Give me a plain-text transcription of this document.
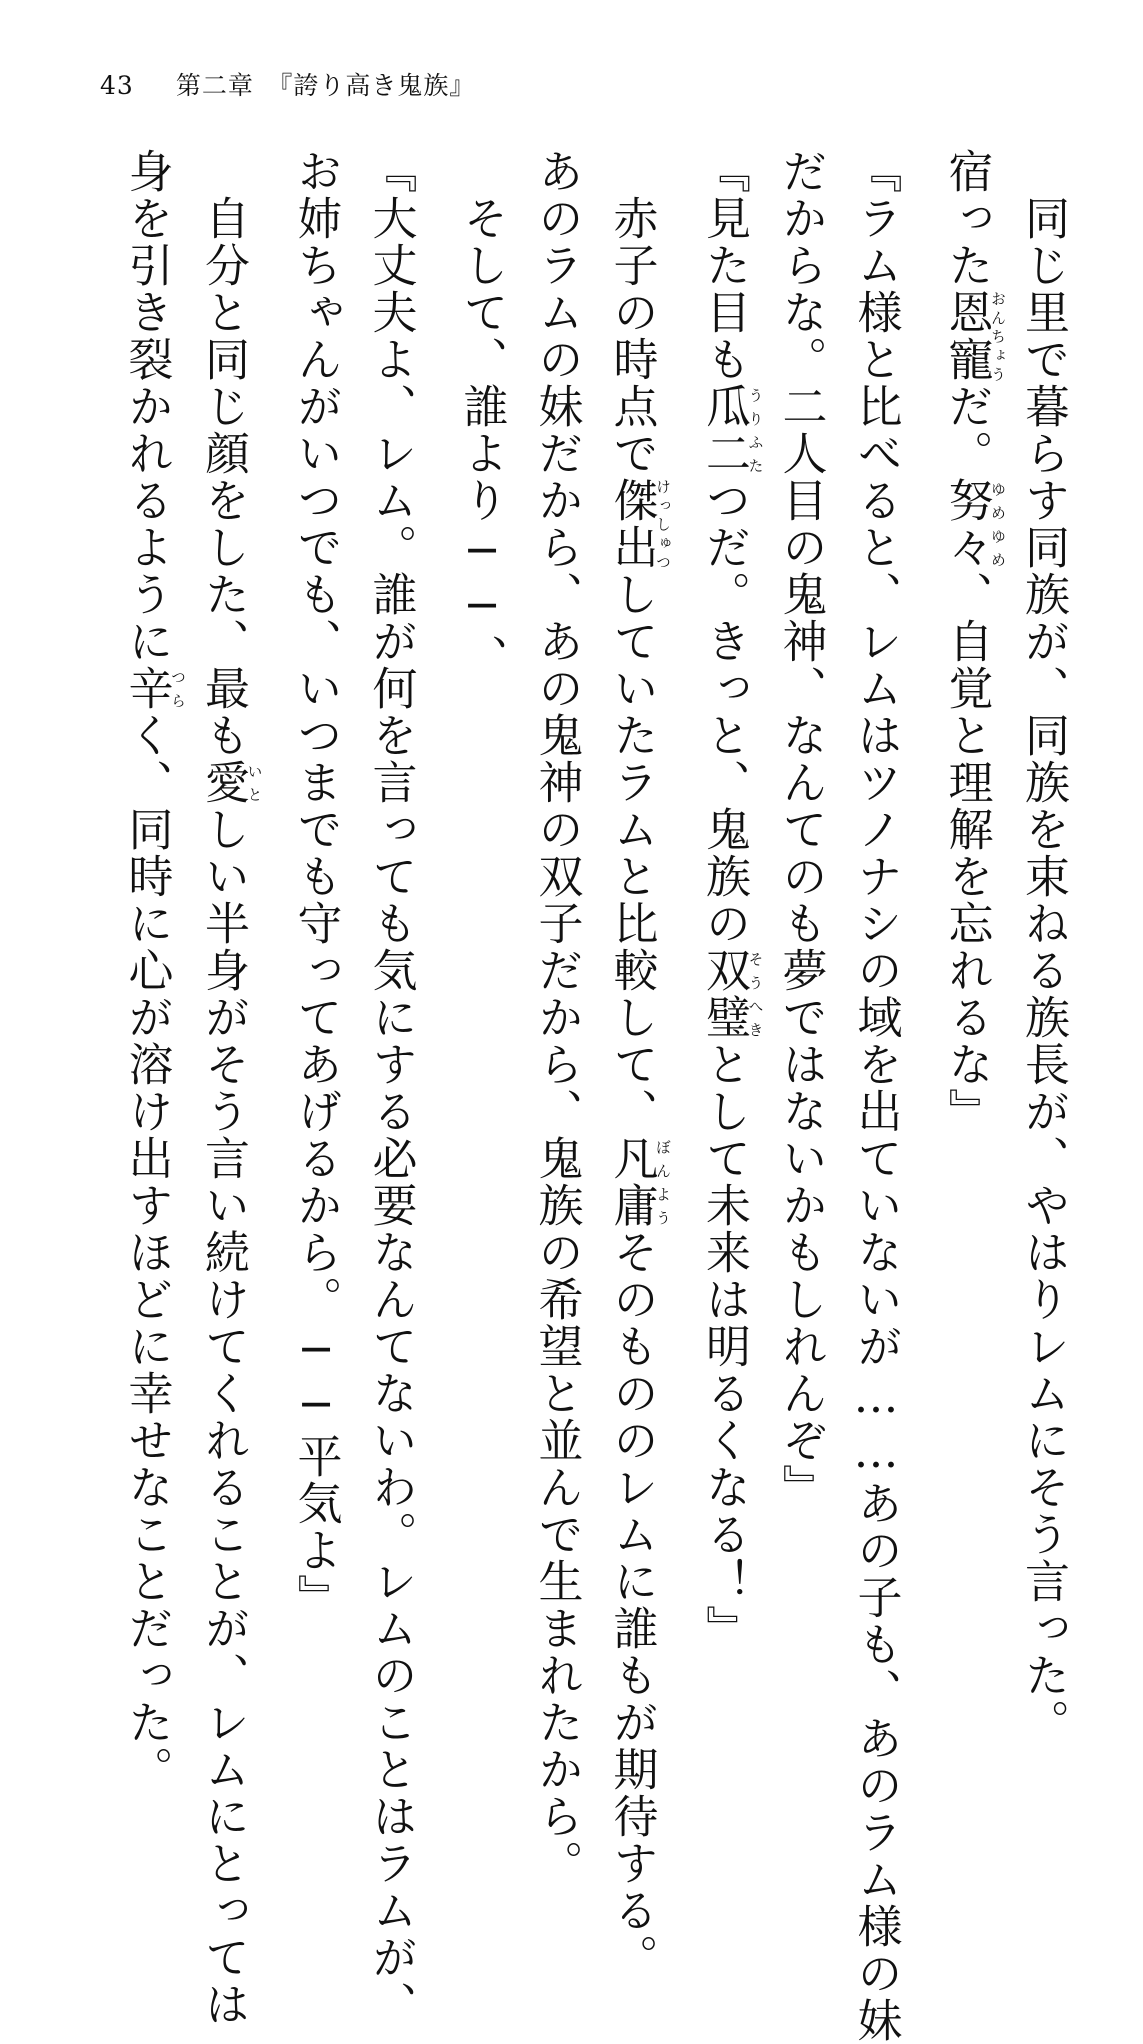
43 第二章　『誇り高き鬼族』
　同じ里で暮らす同族が、同族を束ねる族長が、やはりレムにそう言った。
宿った恩寵おんちょうだ。努々ゆめゆめ、自覚と理解を忘れるな』
『ラム様と比べると、レムはツノナシの域を出ていないが……あの子も、あのラム様の妹
だからな。二人目の鬼神、なんてのも夢ではないかもしれんぞ』
『見た目も瓜二うりふたつだ。きっと、鬼族の双璧そうへきとして未来は明るくなる！』
　赤子の時点で傑出けっしゅつしていたラムと比較して、凡庸ぼんようそのもののレムに誰もが期待する。
あのラムの妹だから、あの鬼神の双子だから、鬼族の希望と並んで生まれたから。
　そして、誰より──、
『大丈夫よ、レム。誰が何を言っても気にする必要なんてないわ。レムのことはラムが、
お姉ちゃんがいつでも、いつまでも守ってあげるから。──平気よ』
　自分と同じ顔をした、最も愛いとしい半身がそう言い続けてくれることが、レムにとっては
身を引き裂かれるように辛つらく、同時に心が溶け出すほどに幸せなことだった。
